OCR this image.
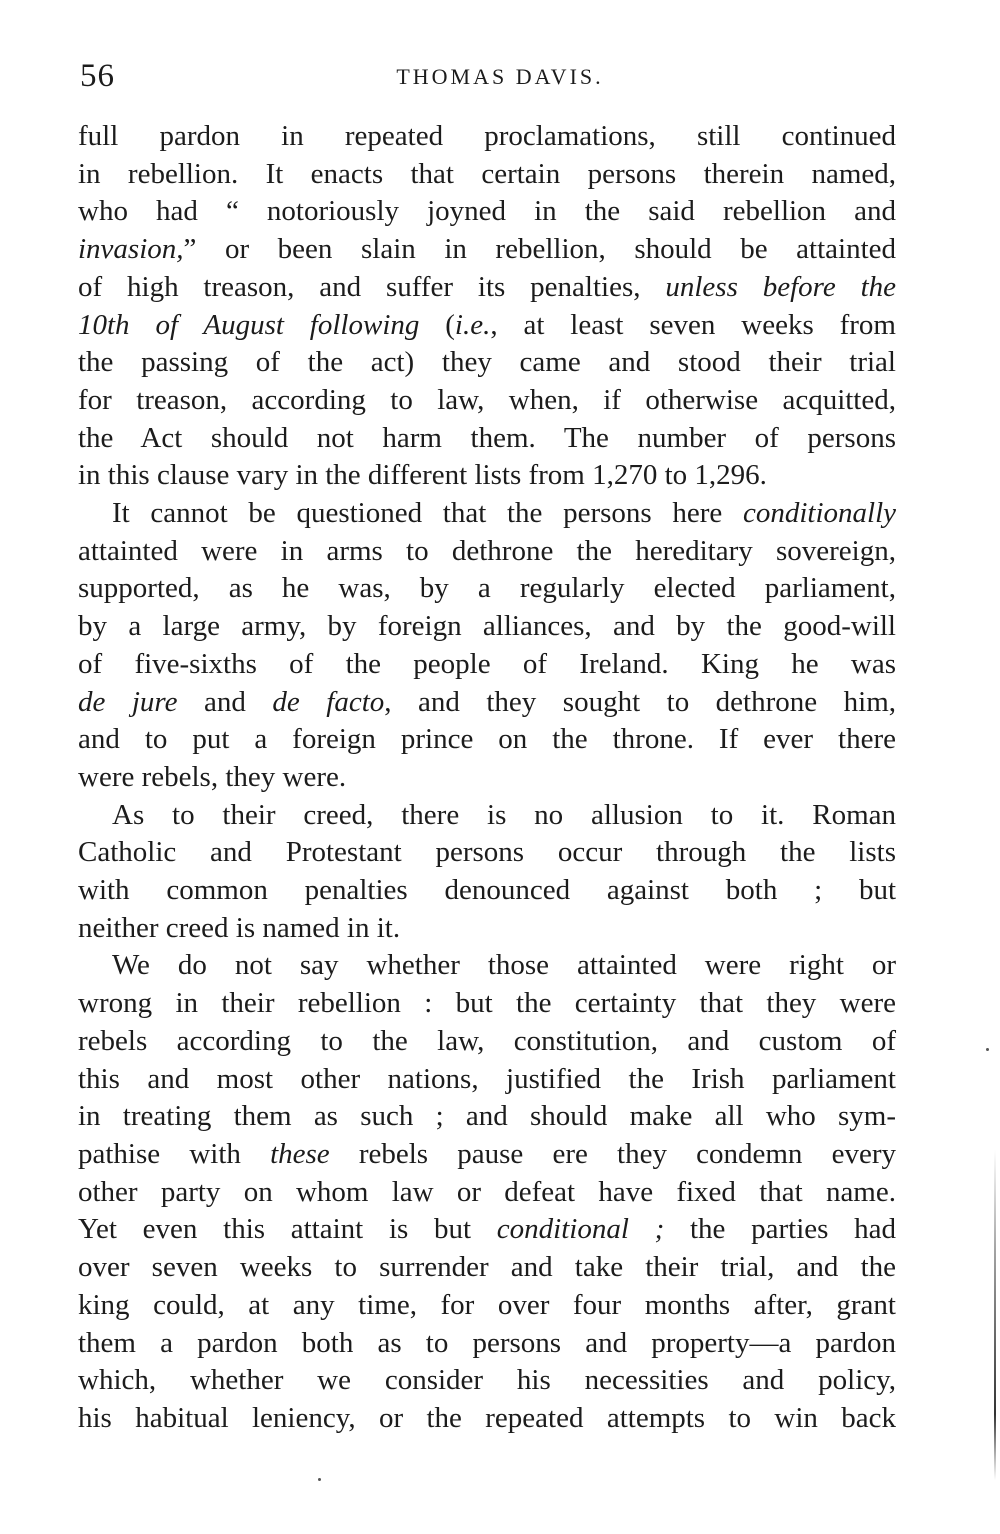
56	THOMAS DAVIS.
full pardon in repeated proclamations, still continued
in rebellion. It enacts that certain persons therein named,
who had “ notoriously joyned in the said rebellion and
invasion,” or been slain in rebellion, should be attainted
of high treason, and suffer its penalties, unless before the
10th of August following (i.e., at least seven weeks from
the passing of the act) they came and stood their trial
for treason, according to law, when, if otherwise acquitted,
the Act should not harm them. The number of persons
in this clause vary in the different lists from 1,270 to 1,296.
It cannot be questioned that the persons here conditionally
attainted were in arms to dethrone the hereditary sovereign,
supported, as he was, by a regularly elected parliament,
by a large army, by foreign alliances, and by the good-will
of five-sixths of the people of Ireland. King he was
de jure and de facto, and they sought to dethrone him,
and to put a foreign prince on the throne. If ever there
were rebels, they were.
As to their creed, there is no allusion to it. Roman
Catholic and Protestant persons occur through the lists
with common penalties denounced against both ; but
neither creed is named in it.
We do not say whether those attainted were right or
wrong in their rebellion : but the certainty that they were
rebels according to the law, constitution, and custom of
this and most other nations, justified the Irish parliament
in treating them as such ; and should make all who sym-
pathise with these rebels pause ere they condemn every
other party on whom law or defeat have fixed that name.
Yet even this attaint is but conditional ; the parties had
over seven weeks to surrender and take their trial, and the
king could, at any time, for over four months after, grant
them a pardon both as to persons and property—a pardon
which, whether we consider his necessities and policy,
his habitual leniency, or the repeated attempts to win back
